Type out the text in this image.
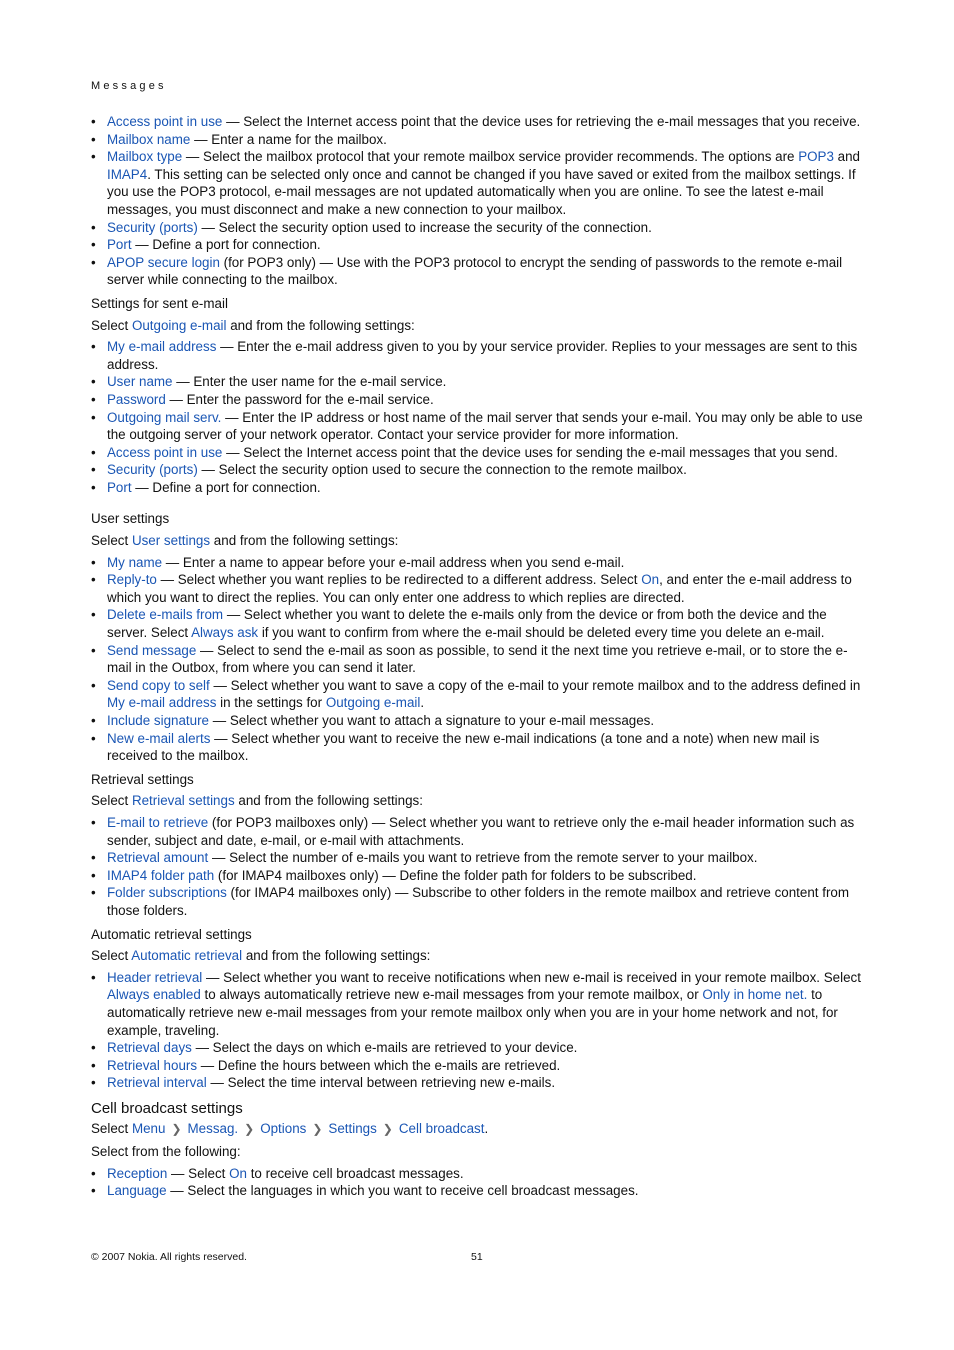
Messages
• Access point in use — Select the Internet access point that the device uses for retrieving the e-mail messages that you receive.
• Mailbox name — Enter a name for the mailbox.
• Mailbox type — Select the mailbox protocol that your remote mailbox service provider recommends. The options are POP3 and IMAP4. This setting can be selected only once and cannot be changed if you have saved or exited from the mailbox settings. If you use the POP3 protocol, e-mail messages are not updated automatically when you are online. To see the latest e-mail messages, you must disconnect and make a new connection to your mailbox.
• Security (ports) — Select the security option used to increase the security of the connection.
• Port — Define a port for connection.
• APOP secure login (for POP3 only) — Use with the POP3 protocol to encrypt the sending of passwords to the remote e-mail server while connecting to the mailbox.
Settings for sent e-mail
Select Outgoing e-mail and from the following settings:
• My e-mail address — Enter the e-mail address given to you by your service provider. Replies to your messages are sent to this address.
• User name — Enter the user name for the e-mail service.
• Password — Enter the password for the e-mail service.
• Outgoing mail serv. — Enter the IP address or host name of the mail server that sends your e-mail. You may only be able to use the outgoing server of your network operator. Contact your service provider for more information.
• Access point in use — Select the Internet access point that the device uses for sending the e-mail messages that you send.
• Security (ports) — Select the security option used to secure the connection to the remote mailbox.
• Port — Define a port for connection.
User settings
Select User settings and from the following settings:
• My name — Enter a name to appear before your e-mail address when you send e-mail.
• Reply-to — Select whether you want replies to be redirected to a different address. Select On, and enter the e-mail address to which you want to direct the replies. You can only enter one address to which replies are directed.
• Delete e-mails from — Select whether you want to delete the e-mails only from the device or from both the device and the server. Select Always ask if you want to confirm from where the e-mail should be deleted every time you delete an e-mail.
• Send message — Select to send the e-mail as soon as possible, to send it the next time you retrieve e-mail, or to store the e-mail in the Outbox, from where you can send it later.
• Send copy to self — Select whether you want to save a copy of the e-mail to your remote mailbox and to the address defined in My e-mail address in the settings for Outgoing e-mail.
• Include signature — Select whether you want to attach a signature to your e-mail messages.
• New e-mail alerts — Select whether you want to receive the new e-mail indications (a tone and a note) when new mail is received to the mailbox.
Retrieval settings
Select Retrieval settings and from the following settings:
• E-mail to retrieve (for POP3 mailboxes only) — Select whether you want to retrieve only the e-mail header information such as sender, subject and date, e-mail, or e-mail with attachments.
• Retrieval amount — Select the number of e-mails you want to retrieve from the remote server to your mailbox.
• IMAP4 folder path (for IMAP4 mailboxes only) — Define the folder path for folders to be subscribed.
• Folder subscriptions (for IMAP4 mailboxes only) — Subscribe to other folders in the remote mailbox and retrieve content from those folders.
Automatic retrieval settings
Select Automatic retrieval and from the following settings:
• Header retrieval — Select whether you want to receive notifications when new e-mail is received in your remote mailbox. Select Always enabled to always automatically retrieve new e-mail messages from your remote mailbox, or Only in home net. to automatically retrieve new e-mail messages from your remote mailbox only when you are in your home network and not, for example, traveling.
• Retrieval days — Select the days on which e-mails are retrieved to your device.
• Retrieval hours — Define the hours between which the e-mails are retrieved.
• Retrieval interval — Select the time interval between retrieving new e-mails.
Cell broadcast settings
Select Menu ❯ Messag. ❯ Options ❯ Settings ❯ Cell broadcast.
Select from the following:
• Reception — Select On to receive cell broadcast messages.
• Language — Select the languages in which you want to receive cell broadcast messages.
© 2007 Nokia. All rights reserved.	51
